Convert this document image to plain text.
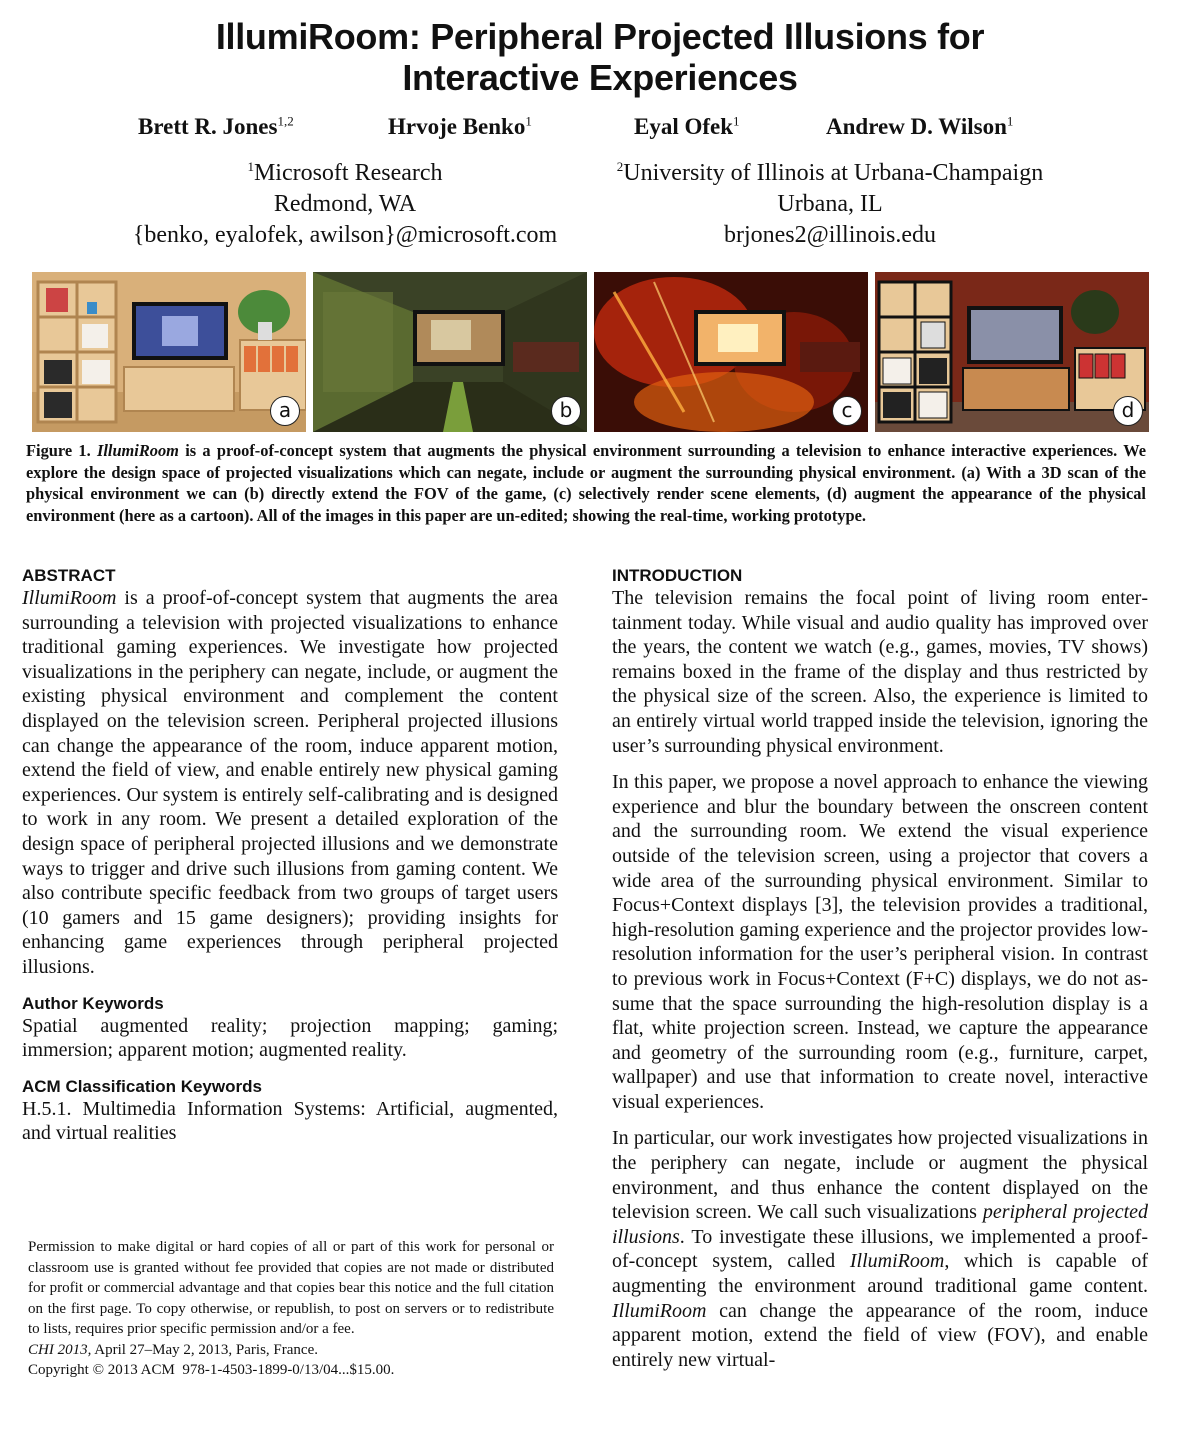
IllumiRoom: Peripheral Projected Illusions for
Interactive Experiences
Brett R. Jones$^{1,2}$	Hrvoje Benko$^1$	Eyal Ofek$^1$	Andrew D. Wilson$^1$
$^1$Microsoft Research
Redmond, WA
{benko, eyalofek, awilson}@microsoft.com
$^2$University of Illinois at Urbana-Champaign
Urbana, IL
brjones2@illinois.edu
a	b	c	d
Figure 1. IllumiRoom is a proof-of-concept system that augments the physical environment surrounding a television to enhance interactive experiences. We explore the design space of projected visualizations which can negate, include or augment the surrounding physical environment. (a) With a 3D scan of the physical environment we can (b) directly extend the FOV of the game, (c) selectively render scene elements, (d) augment the appearance of the physical environment (here as a cartoon). All of the images in this paper are un-edited; showing the real-time, working prototype.
ABSTRACT

IllumiRoom is a proof-of-concept system that augments the area surrounding a television with projected visualizations to enhance traditional gaming experiences. We investigate how projected visualizations in the periphery can negate, include, or augment the existing physical environment and complement the content displayed on the television screen. Peripheral projected illusions can change the appearance of the room, induce apparent motion, extend the field of view, and enable entirely new physical gaming experiences. Our system is entirely self-calibrating and is designed to work in any room. We present a detailed exploration of the design space of peripheral projected illusions and we demonstrate ways to trigger and drive such illusions from gaming content. We also contribute specific feedback from two groups of target users (10 gamers and 15 game designers); providing insights for enhancing game experiences through peripheral projected illusions.

Author Keywords

Spatial augmented reality; projection mapping; gaming; immersion; apparent motion; augmented reality.

ACM Classification Keywords

H.5.1. Multimedia Information Systems: Artificial, augmented, and virtual realities

Permission to make digital or hard copies of all or part of this work for personal or classroom use is granted without fee provided that copies are not made or distributed for profit or commercial advantage and that copies bear this notice and the full citation on the first page. To copy otherwise, or republish, to post on servers or to redistribute to lists, requires prior specific permission and/or a fee.

CHI 2013, April 27–May 2, 2013, Paris, France.

Copyright © 2013 ACM  978-1-4503-1899-0/13/04...$15.00.

INTRODUCTION

The television remains the focal point of living room entertainment today. While visual and audio quality has improved over the years, the content we watch (e.g., games, movies, TV shows) remains boxed in the frame of the display and thus restricted by the physical size of the screen. Also, the experience is limited to an entirely virtual world trapped inside the television, ignoring the user’s surrounding physical environment.

In this paper, we propose a novel approach to enhance the viewing experience and blur the boundary between the onscreen content and the surrounding room. We extend the visual experience outside of the television screen, using a projector that covers a wide area of the surrounding physical environment. Similar to Focus+Context displays [3], the television provides a traditional, high-resolution gaming experience and the projector provides low-resolution information for the user’s peripheral vision. In contrast to previous work in Focus+Context (F+C) displays, we do not assume that the space surrounding the high-resolution display is a flat, white projection screen. Instead, we capture the appearance and geometry of the surrounding room (e.g., furniture, carpet, wallpaper) and use that information to create novel, interactive visual experiences.

In particular, our work investigates how projected visualizations in the periphery can negate, include or augment the physical environment, and thus enhance the content displayed on the television screen. We call such visualizations peripheral projected illusions. To investigate these illusions, we implemented a proof-of-concept system, called IllumiRoom, which is capable of augmenting the environment around traditional game content. IllumiRoom can change the appearance of the room, induce apparent motion, extend the field of view (FOV), and enable entirely new virtual-
